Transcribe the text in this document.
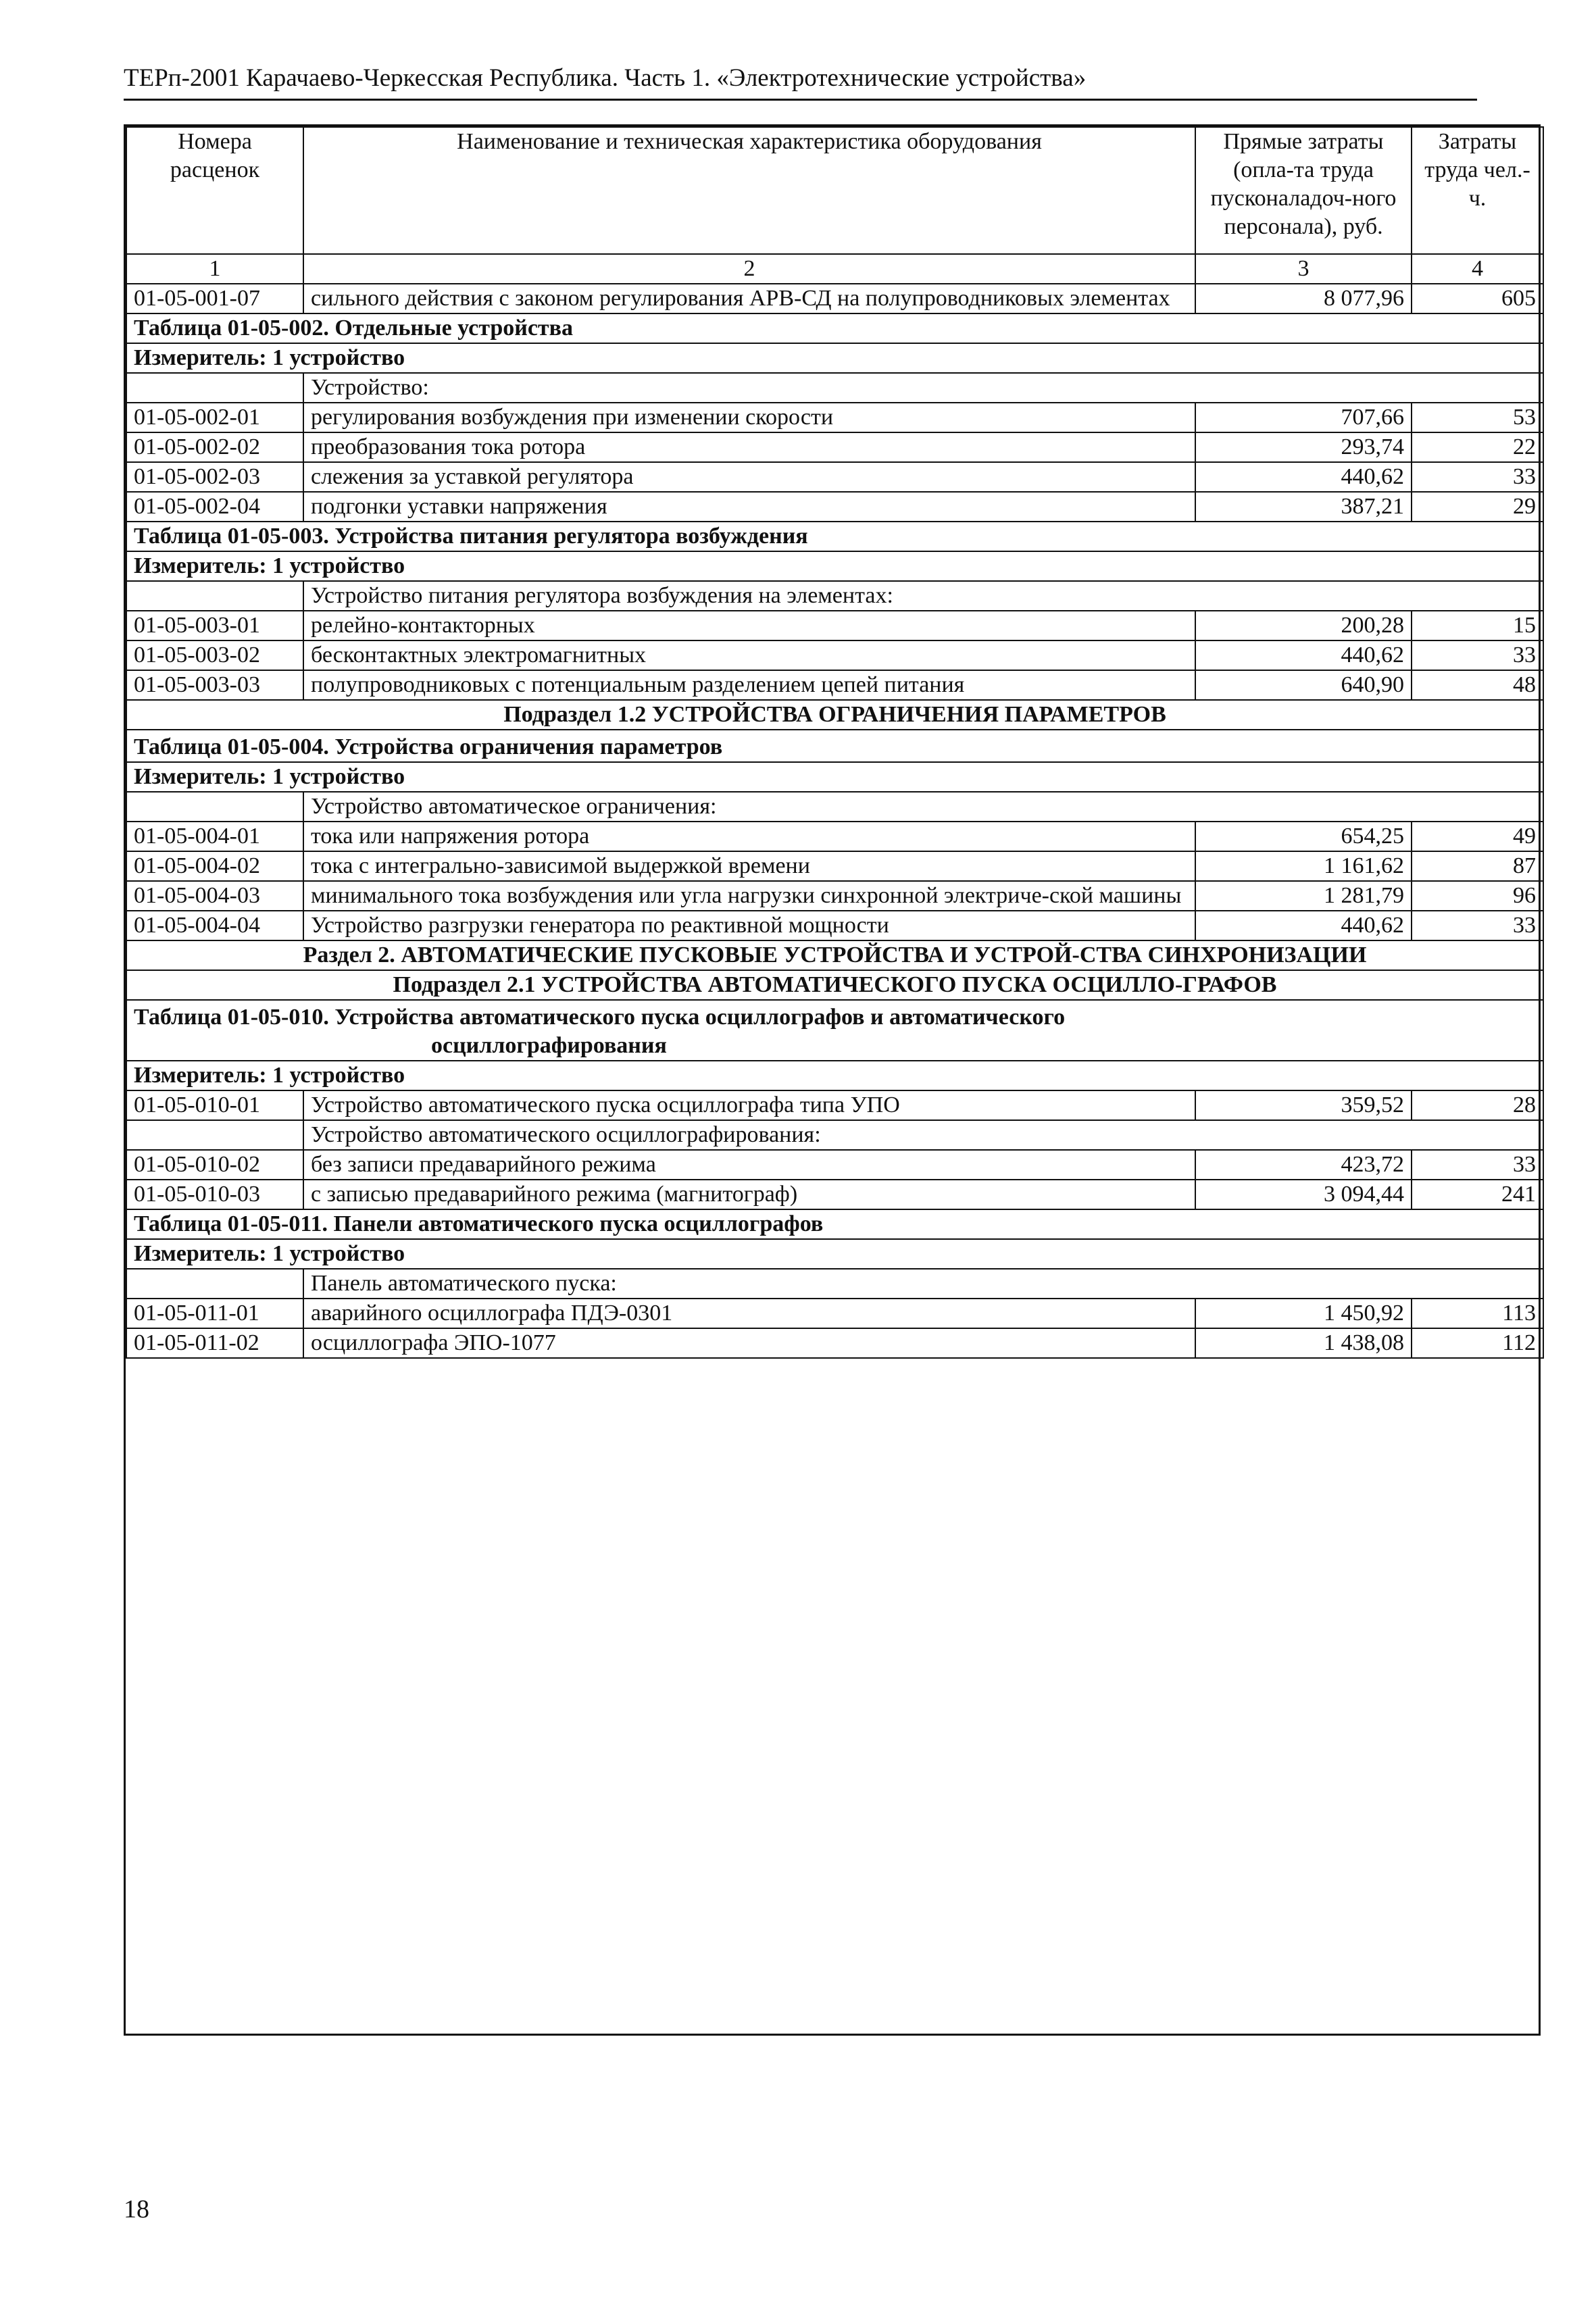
ТЕРп-2001 Карачаево-Черкесская Республика. Часть 1. «Электротехнические устройства»
Номера расценок	Наименование и техническая характеристика оборудования	Прямые затраты (опла-та труда пусконаладоч-ного персонала), руб.	Затраты труда чел.-ч.
1	2	3	4
01-05-001-07	сильного действия с законом регулирования АРВ-СД на полупроводниковых элементах	8 077,96	605
Таблица 01-05-002. Отдельные устройства			
Измеритель: 1 устройство			
	Устройство:		
01-05-002-01	регулирования возбуждения при изменении скорости	707,66	53
01-05-002-02	преобразования тока ротора	293,74	22
01-05-002-03	слежения за уставкой регулятора	440,62	33
01-05-002-04	подгонки уставки напряжения	387,21	29
Таблица 01-05-003. Устройства питания регулятора возбуждения			
Измеритель: 1 устройство			
	Устройство питания регулятора возбуждения на элементах:		
01-05-003-01	релейно-контакторных	200,28	15
01-05-003-02	бесконтактных электромагнитных	440,62	33
01-05-003-03	полупроводниковых с потенциальным разделением цепей питания	640,90	48
Подраздел 1.2 УСТРОЙСТВА ОГРАНИЧЕНИЯ ПАРАМЕТРОВ			
Таблица 01-05-004. Устройства ограничения параметров			
Измеритель: 1 устройство			
	Устройство автоматическое ограничения:		
01-05-004-01	тока или напряжения ротора	654,25	49
01-05-004-02	тока с интегрально-зависимой выдержкой времени	1 161,62	87
01-05-004-03	минимального тока возбуждения или угла нагрузки синхронной электриче-ской машины	1 281,79	96
01-05-004-04	Устройство разгрузки генератора по реактивной мощности	440,62	33
Раздел 2. АВТОМАТИЧЕСКИЕ ПУСКОВЫЕ УСТРОЙСТВА И УСТРОЙ-СТВА СИНХРОНИЗАЦИИ			
Подраздел 2.1 УСТРОЙСТВА АВТОМАТИЧЕСКОГО ПУСКА ОСЦИЛЛО-ГРАФОВ			
Таблица 01-05-010. Устройства автоматического пуска осциллографов и автоматического
осциллографирования			

Измеритель: 1 устройство			
01-05-010-01	Устройство автоматического пуска осциллографа типа УПО	359,52	28
	Устройство автоматического осциллографирования:		
01-05-010-02	без записи предаварийного режима	423,72	33
01-05-010-03	с записью предаварийного режима (магнитограф)	3 094,44	241
Таблица 01-05-011. Панели автоматического пуска осциллографов			
Измеритель: 1 устройство			
	Панель автоматического пуска:		
01-05-011-01	аварийного осциллографа ПДЭ-0301	1 450,92	113
01-05-011-02	осциллографа ЭПО-1077	1 438,08	112
18
